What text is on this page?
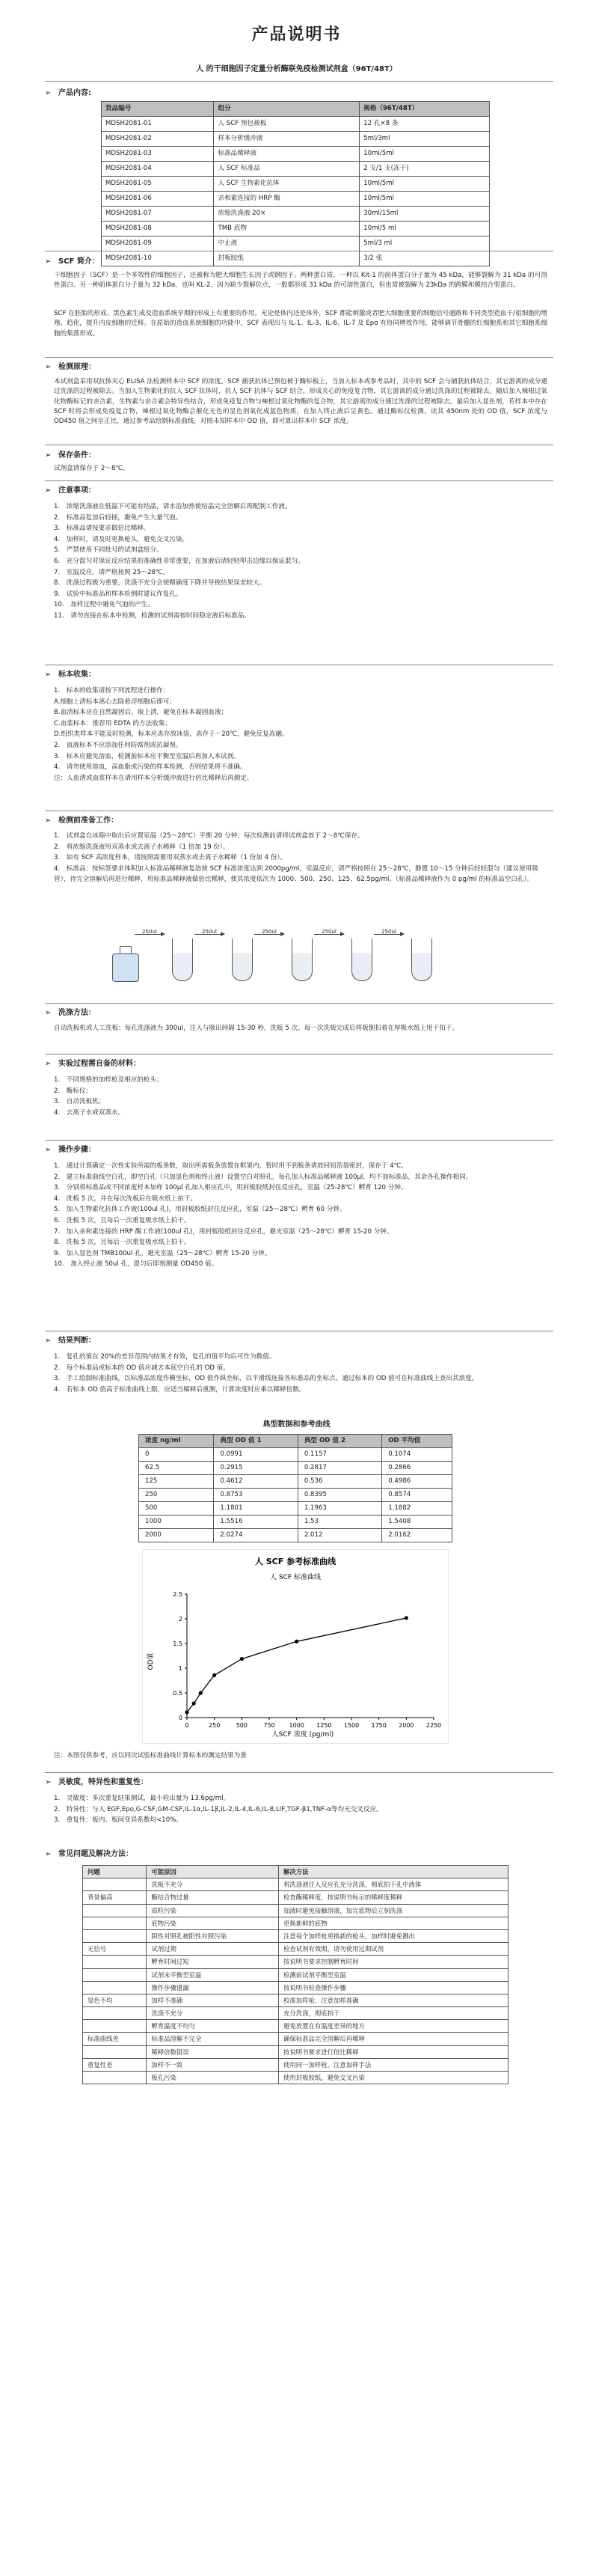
产品说明书
人 的干细胞因子定量分析酶联免疫检测试剂盒（96T/48T）
➢ 产品内容:
货品编号	组分	规格（96T/48T）
MDSH2081-01	人 SCF 预包被板	12 孔×8 条
MDSH2081-02	样本分析缓冲液	5ml/3ml
MDSH2081-03	标准品稀释液	10ml/5ml
MDSH2081-04	人 SCF 标准品	2 支/1 支(冻干)
MDSH2081-05	人 SCF 生物素化抗体	10ml/5ml
MDSH2081-06	亲和素连接的 HRP 酶	10ml/5ml
MDSH2081-07	浓缩洗涤液 20×	30ml/15ml
MDSH2081-08	TMB 底物	10ml/5 ml
MDSH2081-09	中止液	5ml/3 ml
MDSH2081-10	封板胶纸	3/2 张
➢ SCF 简介：
干细胞因子（SCF）是一个多效性的细胞因子，还被称为肥大细胞生长因子或钢因子。两种蛋白质，一种以 Kit-1 的前体蛋白分子量为 45 kDa，能够裂解为 31 kDa 的可溶性蛋白。另一种前体蛋白分子量为 32 kDa，也叫 KL-2，因为缺少裂解位点，一般都形成 31 kDa 的可溶性蛋白，但也常被裂解为 23kDa 的跨膜和膜结合型蛋白。
SCF 在胚胎的形成、黑色素生成及造血系统早期的形成上有重要的作用。无论是体内还是体外，SCF 都能刺激或者肥大细胞重要的细胞信号通路和不同类型造血干/祖细胞的增殖、趋化，提升内皮细胞的迁移。在原始的造血系统细胞的功能中，SCF 表现出与 IL-1、IL-3、IL-6、IL-7 及 Epo 有协同增效作用，能够调节骨髓的红细胞系和其它细胞系细胞的集落形成。
➢ 检测原理：
本试剂盒采用双抗体夹心 ELISA 法检测样本中 SCF 的浓度。SCF 捕获抗体已预包被于酶标板上，当加入标本或参考品时，其中的 SCF 会与捕获抗体结合，其它游离的成分通过洗涤的过程被除去。当加入生物素化的抗人 SCF 抗体时，抗人 SCF 抗体与 SCF 结合，形成夹心的免疫复合物，其它游离的成分通过洗涤的过程被除去。随后加入辣根过氧化物酶标记的亲合素，生物素与亲合素会特异性结合，形成免疫复合物与辣根过氧化物酶的复合物，其它游离的成分通过洗涤的过程被除去。最后加入显色剂，若样本中存在 SCF 时将会形成免疫复合物，辣根过氧化物酶会催化无色的显色剂氧化成蓝色物质，在加入终止液后呈黄色。通过酶标仪检测，读其 450nm 处的 OD 值，SCF 浓度与 OD450 值之间呈正比，通过参考品绘制标准曲线，对照未知样本中 OD 值，即可算出样本中 SCF 浓度。
➢ 保存条件：
试剂盒请保存于 2～8℃。
➢ 注意事项：
1.　浓缩洗涤液在低温下可能有结晶，请水浴加热使结晶完全溶解后再配制工作液。
2.　标准品复溶后轻摇，避免产生大量气泡。
3.　标准品请按要求做倍比稀释。
4.　加样时，请及时更换枪头，避免交叉污染。
5.　严禁使用不同批号的试剂盒组分。
6.　充分混匀对保证反应结果的准确性非常重要，在加液后请轻轻叩击边缘以保证混匀。
7.　室温反应，请严格按照 25～28℃。
8.　洗涤过程极为重要，洗涤不充分会使精确度下降并导致结果误差较大。
9.　试验中标准品和样本检测时建议作复孔。
10.　加样过程中避免气泡的产生。
11.　请勿直接在标本中检测，检测的试剂需按时间稳定液后标准品。
➢ 标本收集：
1.　标本的收集请按下列流程进行操作：
A.细胞上清标本离心去除悬浮细胞后即可；
B.血清标本应在自然凝固后，取上清，避免在标本凝固血液；
C.血浆标本：推荐用 EDTA 的方法收集；
D.组织类样本不能及时检测，标本应冻存放冰袋，冻存于－20℃，避免反复冻融。
2.　血液标本不应添加任何防腐剂或抗凝剂。
3.　标本应避免溶血，检测前标本应平衡至室温后再加入本试剂。
4.　请勿使用溶血，高血脂或污染的样本检测，否则结果将不准确。
注：人血清或血浆样本在请用样本分析缓冲液进行倍比稀释后再测定。
➢ 检测前准备工作：
1.　试剂盒自冰箱中取出后应置室温（25～28℃）平衡 20 分钟；每次检测前请将试剂盒放于 2～8℃保存。
2.　将浓缩洗涤液用双蒸水或去离子水稀释（1 倍加 19 份）。
3.　如有 SCF 高浓度样本，请按照需要用双蒸水或去离子水稀释（1 份加 4 份）。
4.　标准品：按标签要求体积加入标准品稀释液复溶使 SCF 标准浓度达到 2000pg/ml，室温反应，请严格按照在 25～28℃，静置 10～15 分钟后轻轻混匀（建议使用吸管），待完全溶解后再进行稀释，用标准品稀释液做倍比稀释，使其浓度依次为 1000、500、250、125、62.5pg/ml。（标准品稀释液作为 0 pg/ml 的标准品空白孔）。
250ul	250ul	250ul	250ul	250ul
➢ 洗涤方法：
自动洗板机或人工洗板：每孔洗涤液为 300ul，注入与吸出间隔 15-30 秒，洗板 5 次。每一次洗板完成后将板倒扣着在厚吸水纸上甩干拍干。
➢ 实验过程需自备的材料：
1.　不同规格的加样枪及相应的枪头；
2.　酶标仪；
3.　自动洗板机；
4.　去离子水或双蒸水。
➢ 操作步骤：
1.　通过计算确定一次性实验所需的板条数，取出所需板条放置在框架内，暂时用不到板条请放回铝箔袋密封，保存于 4℃。
2.　建立标准曲线空白孔，即空白孔（只加显色剂和终止液）设置空白对照孔，每孔加入标准品稀释液 100μl，均不加标准品，其余各孔操作相同。
3.　分别将标准品或不同浓度样本加样 100μl 孔加入相应孔中，用封板胶纸封住反应孔，室温（25-28℃）孵育 120 分钟。
4.　洗板 5 次，并在每次洗板后在吸水纸上拍干。
5.　加入生物素化抗体工作液(100ul 孔)，用封板胶纸封住反应孔，室温（25～28℃）孵育 60 分钟。
6.　洗板 5 次，且每后一次重复吸水纸上拍干。
7.　加入亲和素连接的 HRP 酶工作液(100ul 孔)，用封板胶纸封住反应孔，避光室温（25～28℃）孵育 15-20 分钟。
8.　洗板 5 次，且每后一次重复吸水纸上拍干。
9.　加入显色剂 TMB100ul 孔，避光室温（25～28℃）孵育 15-20 分钟。
10.　加入终止液 50ul 孔，混匀后即刻测量 OD450 值。
➢ 结果判断：
1.　复孔的值在 20%的差异范围内结果才有效，复孔的值平均后可作为数值。
2.　每个标准品或标本的 OD 值应减去本底空白孔的 OD 值。
3.　手工绘制标准曲线，以标准品浓度作横坐标，OD 值作纵坐标，以平滑线连接各标准品的坐标点。通过标本的 OD 值可在标准曲线上查出其浓度。
4.　若标本 OD 值高于标准曲线上限，应适当稀释后重测，计算浓度时应乘以稀释倍数。
典型数据和参考曲线
浓度 ng/ml	典型 OD 值 1	典型 OD 值 2	OD 平均值
0	0.0991	0.1157	0.1074
62.5	0.2915	0.2817	0.2866
125	0.4612	0.536	0.4986
250	0.8753	0.8395	0.8574
500	1.1801	1.1963	1.1882
1000	1.5516	1.53	1.5408
2000	2.0274	2.012	2.0162
人 SCF 参考标准曲线
人 SCF 标准曲线
0	250	500	750 1000 1250 1500 1750 2000 2250
0
0.5
1
1.5
2
2.5
人SCF 浓度 (pg/ml)
OD值
注：本图仅供参考，应以同次试验标准曲线计算标本的测定结果为准
➢ 灵敏度，特异性和重复性：
1.　灵敏度：多次重复结果测试，最小检出量为 13.6pg/ml。
2.　特异性：与人 EGF,Epo,G-CSF,GM-CSF,IL-1α,IL-1β,IL-2,IL-4,IL-6,IL-8,LIF,TGF-β1,TNF-α等均无交叉反应。
3.　重复性：板内、板间变异系数均<10%。
➢ 常见问题及解决方法：
问题	可能原因	解决方法
	洗板不充分	将洗涤液注入反应孔充分洗涤，彻底拍干孔中液体
背景偏高	酶结合物过量	检查酶稀释度，按说明书标示的稀释度稀释
	质粒污染	加液时避免接触溶液，加完底物后立刻洗涤
	底物污染	更换新鲜的底物
	阴性对照孔被阳性对照污染	注意每个加样枪更换新的枪头，加样时避免溅出
无信号	试剂过期	检查试剂有效期，请勿使用过期试剂
	孵育时间过短	按说明书要求控制孵育时间
	试剂未平衡至室温	检测前试剂平衡至室温
	操作步骤遗漏	按说明书检查操作步骤
显色不均	加样不准确	校准加样枪，注意加样准确
	洗涤不充分	充分洗涤，彻底拍干
	孵育温度不均匀	避免放置在有温度差异的地方
标准曲线差	标准品溶解不完全	确保标准品完全溶解后再稀释
	稀释倍数错误	按说明书要求进行倍比稀释
重复性差	加样不一致	使用同一加样枪，注意加样手法
	板孔污染	使用封板胶纸，避免交叉污染
